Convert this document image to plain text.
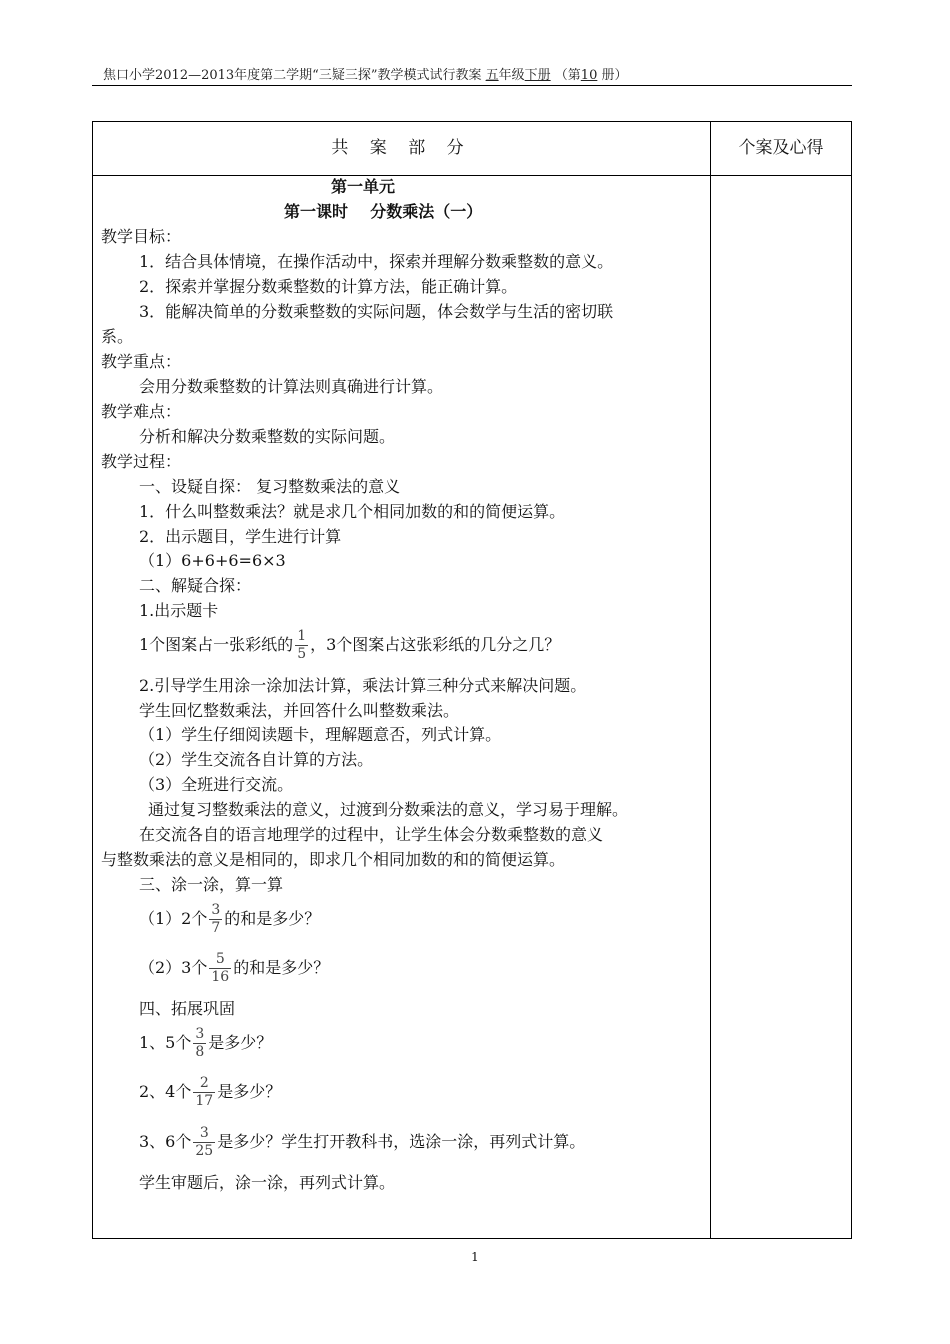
焦口小学2012—2013年度第二学期“三疑三探”教学模式试行教案 五年级下册 （第10 册）
共 案 部 分	个案及心得
第一单元
第一课时    分数乘法（一）
教学目标：
1．结合具体情境，在操作活动中，探索并理解分数乘整数的意义。
2．探索并掌握分数乘整数的计算方法，能正确计算。
3．能解决简单的分数乘整数的实际问题，体会数学与生活的密切联
系。
教学重点：
会用分数乘整数的计算法则真确进行计算。
教学难点：
分析和解决分数乘整数的实际问题。
教学过程：
一、设疑自探： 复习整数乘法的意义
1．什么叫整数乘法？就是求几个相同加数的和的简便运算。
2．出示题目，学生进行计算
（1）6+6+6=6×3
二、解疑合探：
1.出示题卡
1个图案占一张彩纸的 $\frac{1}{5}$ ，3个图案占这张彩纸的几分之几？
2.引导学生用涂一涂加法计算，乘法计算三种分式来解决问题。
学生回忆整数乘法，并回答什么叫整数乘法。
（1）学生仔细阅读题卡，理解题意否，列式计算。
（2）学生交流各自计算的方法。
（3）全班进行交流。
通过复习整数乘法的意义，过渡到分数乘法的意义，学习易于理解。
在交流各自的语言地理学的过程中，让学生体会分数乘整数的意义
与整数乘法的意义是相同的，即求几个相同加数的和的简便运算。
三、涂一涂，算一算
（1）2个 $\frac{3}{7}$ 的和是多少？
（2）3个 $\frac{5}{16}$ 的和是多少？
四、拓展巩固
1、5个 $\frac{3}{8}$ 是多少？
2、4个 $\frac{2}{17}$ 是多少？
3、6个 $\frac{3}{25}$ 是多少？学生打开教科书，选涂一涂，再列式计算。
学生审题后，涂一涂，再列式计算。
1
